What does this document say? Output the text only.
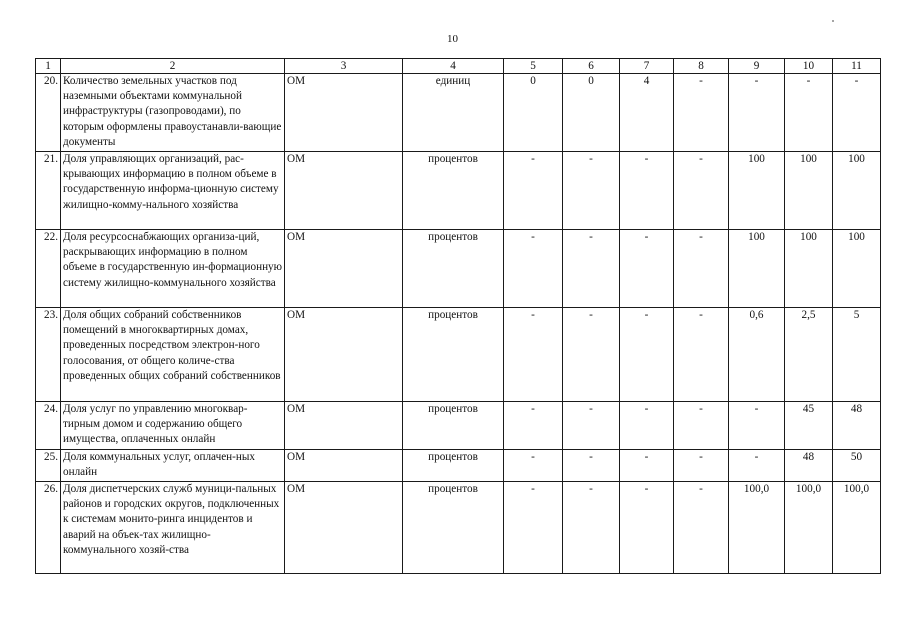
10
1	2	3	4	5	6	7	8	9	10	11
20.	Количество земельных участков под наземными объектами коммунальной инфраструктуры (газопроводами), по которым оформлены правоустанавли-вающие документы	ОМ	единиц	0	0	4	-	-	-	-
21.	Доля управляющих организаций, рас-крывающих информацию в полном объеме в государственную информа-ционную систему жилищно-комму-нального хозяйства	ОМ	процентов	-	-	-	-	100	100	100
22.	Доля ресурсоснабжающих организа-ций, раскрывающих информацию в полном объеме в государственную ин-формационную систему жилищно-коммунального хозяйства	ОМ	процентов	-	-	-	-	100	100	100
23.	Доля общих собраний собственников помещений в многоквартирных домах, проведенных посредством электрон-ного голосования, от общего количе-ства проведенных общих собраний собственников	ОМ	процентов	-	-	-	-	0,6	2,5	5
24.	Доля услуг по управлению многоквар-тирным домом и содержанию общего имущества, оплаченных онлайн	ОМ	процентов	-	-	-	-	-	45	48
25.	Доля коммунальных услуг, оплачен-ных онлайн	ОМ	процентов	-	-	-	-	-	48	50
26.	Доля диспетчерских служб муници-пальных районов и городских округов, подключенных к системам монито-ринга инцидентов и аварий на объек-тах жилищно-коммунального хозяй-ства	ОМ	процентов	-	-	-	-	100,0	100,0	100,0
